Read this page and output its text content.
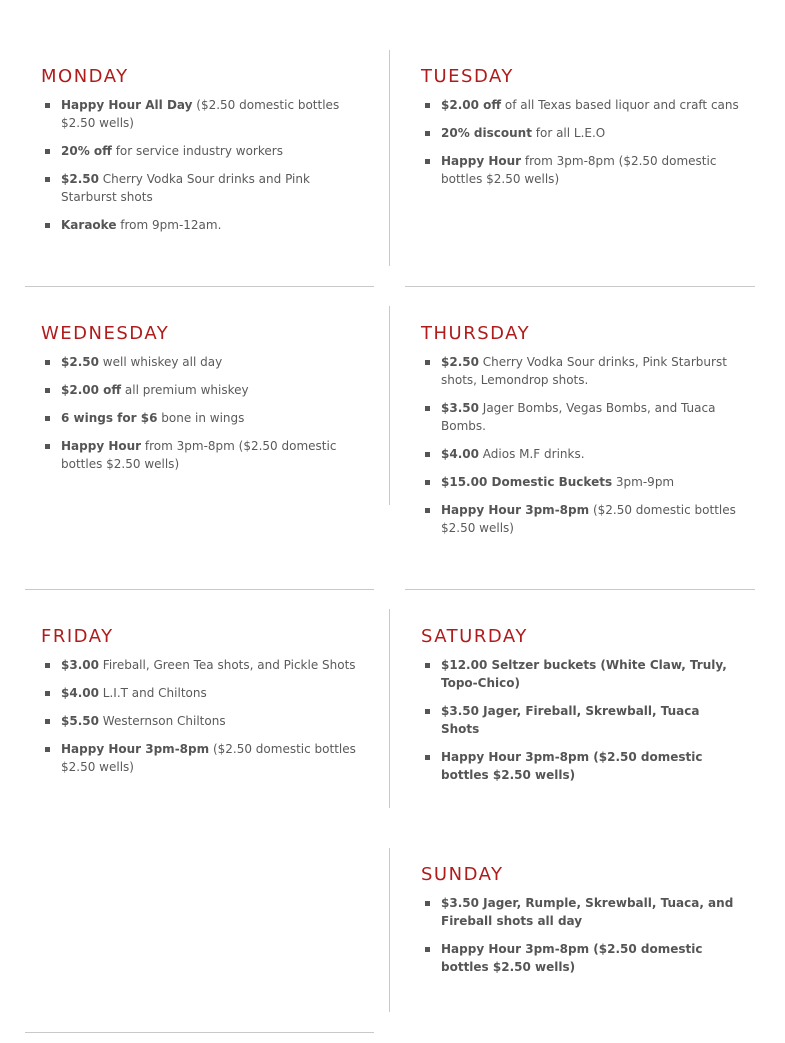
MONDAY
Happy Hour All Day ($2.50 domestic bottles $2.50 wells)
20% off for service industry workers
$2.50 Cherry Vodka Sour drinks and Pink Starburst shots
Karaoke from 9pm-12am.
TUESDAY
$2.00 off of all Texas based liquor and craft cans
20% discount for all L.E.O
Happy Hour from 3pm-8pm ($2.50 domestic bottles $2.50 wells)
WEDNESDAY
$2.50 well whiskey all day
$2.00 off all premium whiskey
6 wings for $6 bone in wings
Happy Hour from 3pm-8pm ($2.50 domestic bottles $2.50 wells)
THURSDAY
$2.50 Cherry Vodka Sour drinks, Pink Starburst shots, Lemondrop shots.
$3.50 Jager Bombs, Vegas Bombs, and Tuaca Bombs.
$4.00 Adios M.F drinks.
$15.00 Domestic Buckets 3pm-9pm
Happy Hour 3pm-8pm ($2.50 domestic bottles $2.50 wells)
FRIDAY
$3.00 Fireball, Green Tea shots, and Pickle Shots
$4.00 L.I.T and Chiltons
$5.50 Westernson Chiltons
Happy Hour 3pm-8pm ($2.50 domestic bottles $2.50 wells)
SATURDAY
$12.00 Seltzer buckets (White Claw, Truly, Topo-Chico)
$3.50 Jager, Fireball, Skrewball, Tuaca Shots
Happy Hour 3pm-8pm ($2.50 domestic bottles $2.50 wells)
SUNDAY
$3.50 Jager, Rumple, Skrewball, Tuaca, and Fireball shots all day
Happy Hour 3pm-8pm ($2.50 domestic bottles $2.50 wells)
